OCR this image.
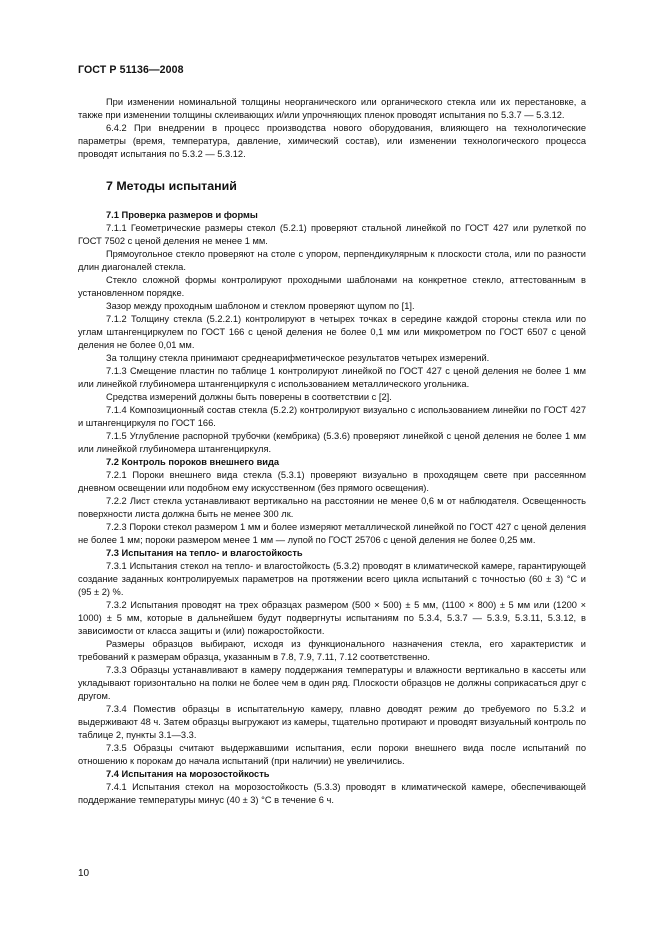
ГОСТ Р 51136—2008

При изменении номинальной толщины неорганического или органического стекла или их перестановке, а также при изменении толщины склеивающих и/или упрочняющих пленок проводят испытания по 5.3.7 — 5.3.12.

6.4.2 При внедрении в процесс производства нового оборудования, влияющего на технологические параметры (время, температура, давление, химический состав), или изменении технологического процесса проводят испытания по 5.3.2 — 5.3.12.

7 Методы испытаний
7.1 Проверка размеров и формы

7.1.1 Геометрические размеры стекол (5.2.1) проверяют стальной линейкой по ГОСТ 427 или рулеткой по ГОСТ 7502 с ценой деления не менее 1 мм.

Прямоугольное стекло проверяют на столе с упором, перпендикулярным к плоскости стола, или по разности длин диагоналей стекла.

Стекло сложной формы контролируют проходными шаблонами на конкретное стекло, аттестованным в установленном порядке.

Зазор между проходным шаблоном и стеклом проверяют щупом по [1].

7.1.2 Толщину стекла (5.2.2.1) контролируют в четырех точках в середине каждой стороны стекла или по углам штангенциркулем по ГОСТ 166 с ценой деления не более 0,1 мм или микрометром по ГОСТ 6507 с ценой деления не более 0,01 мм.

За толщину стекла принимают среднеарифметическое результатов четырех измерений.

7.1.3 Смещение пластин по таблице 1 контролируют линейкой по ГОСТ 427 с ценой деления не более 1 мм или линейкой глубиномера штангенциркуля с использованием металлического угольника.

Средства измерений должны быть поверены в соответствии с [2].

7.1.4 Композиционный состав стекла (5.2.2) контролируют визуально с использованием линейки по ГОСТ 427 и штангенциркуля по ГОСТ 166.

7.1.5 Углубление распорной трубочки (кембрика) (5.3.6) проверяют линейкой с ценой деления не более 1 мм или линейкой глубиномера штангенциркуля.

7.2 Контроль пороков внешнего вида

7.2.1 Пороки внешнего вида стекла (5.3.1) проверяют визуально в проходящем свете при рассеянном дневном освещении или подобном ему искусственном (без прямого освещения).

7.2.2 Лист стекла устанавливают вертикально на расстоянии не менее 0,6 м от наблюдателя. Освещенность поверхности листа должна быть не менее 300 лк.

7.2.3 Пороки стекол размером 1 мм и более измеряют металлической линейкой по ГОСТ 427 с ценой деления не более 1 мм; пороки размером менее 1 мм — лупой по ГОСТ 25706 с ценой деления не более 0,25 мм.

7.3 Испытания на тепло- и влагостойкость

7.3.1 Испытания стекол на тепло- и влагостойкость (5.3.2) проводят в климатической камере, гарантирующей создание заданных контролируемых параметров на протяжении всего цикла испытаний с точностью (60 ± 3) °С и (95 ± 2) %.

7.3.2 Испытания проводят на трех образцах размером (500 × 500) ± 5 мм, (1100 × 800) ± 5 мм или (1200 × 1000) ± 5 мм, которые в дальнейшем будут подвергнуты испытаниям по 5.3.4, 5.3.7 — 5.3.9, 5.3.11, 5.3.12, в зависимости от класса защиты и (или) пожаростойкости.

Размеры образцов выбирают, исходя из функционального назначения стекла, его характеристик и требований к размерам образца, указанным в 7.8, 7.9, 7.11, 7.12 соответственно.

7.3.3 Образцы устанавливают в камеру поддержания температуры и влажности вертикально в кассеты или укладывают горизонтально на полки не более чем в один ряд. Плоскости образцов не должны соприкасаться друг с другом.

7.3.4 Поместив образцы в испытательную камеру, плавно доводят режим до требуемого по 5.3.2 и выдерживают 48 ч. Затем образцы выгружают из камеры, тщательно протирают и проводят визуальный контроль по таблице 2, пункты 3.1—3.3.

7.3.5 Образцы считают выдержавшими испытания, если пороки внешнего вида после испытаний по отношению к порокам до начала испытаний (при наличии) не увеличились.

7.4 Испытания на морозостойкость

7.4.1 Испытания стекол на морозостойкость (5.3.3) проводят в климатической камере, обеспечивающей поддержание температуры минус (40 ± 3) °С в течение 6 ч.

10
